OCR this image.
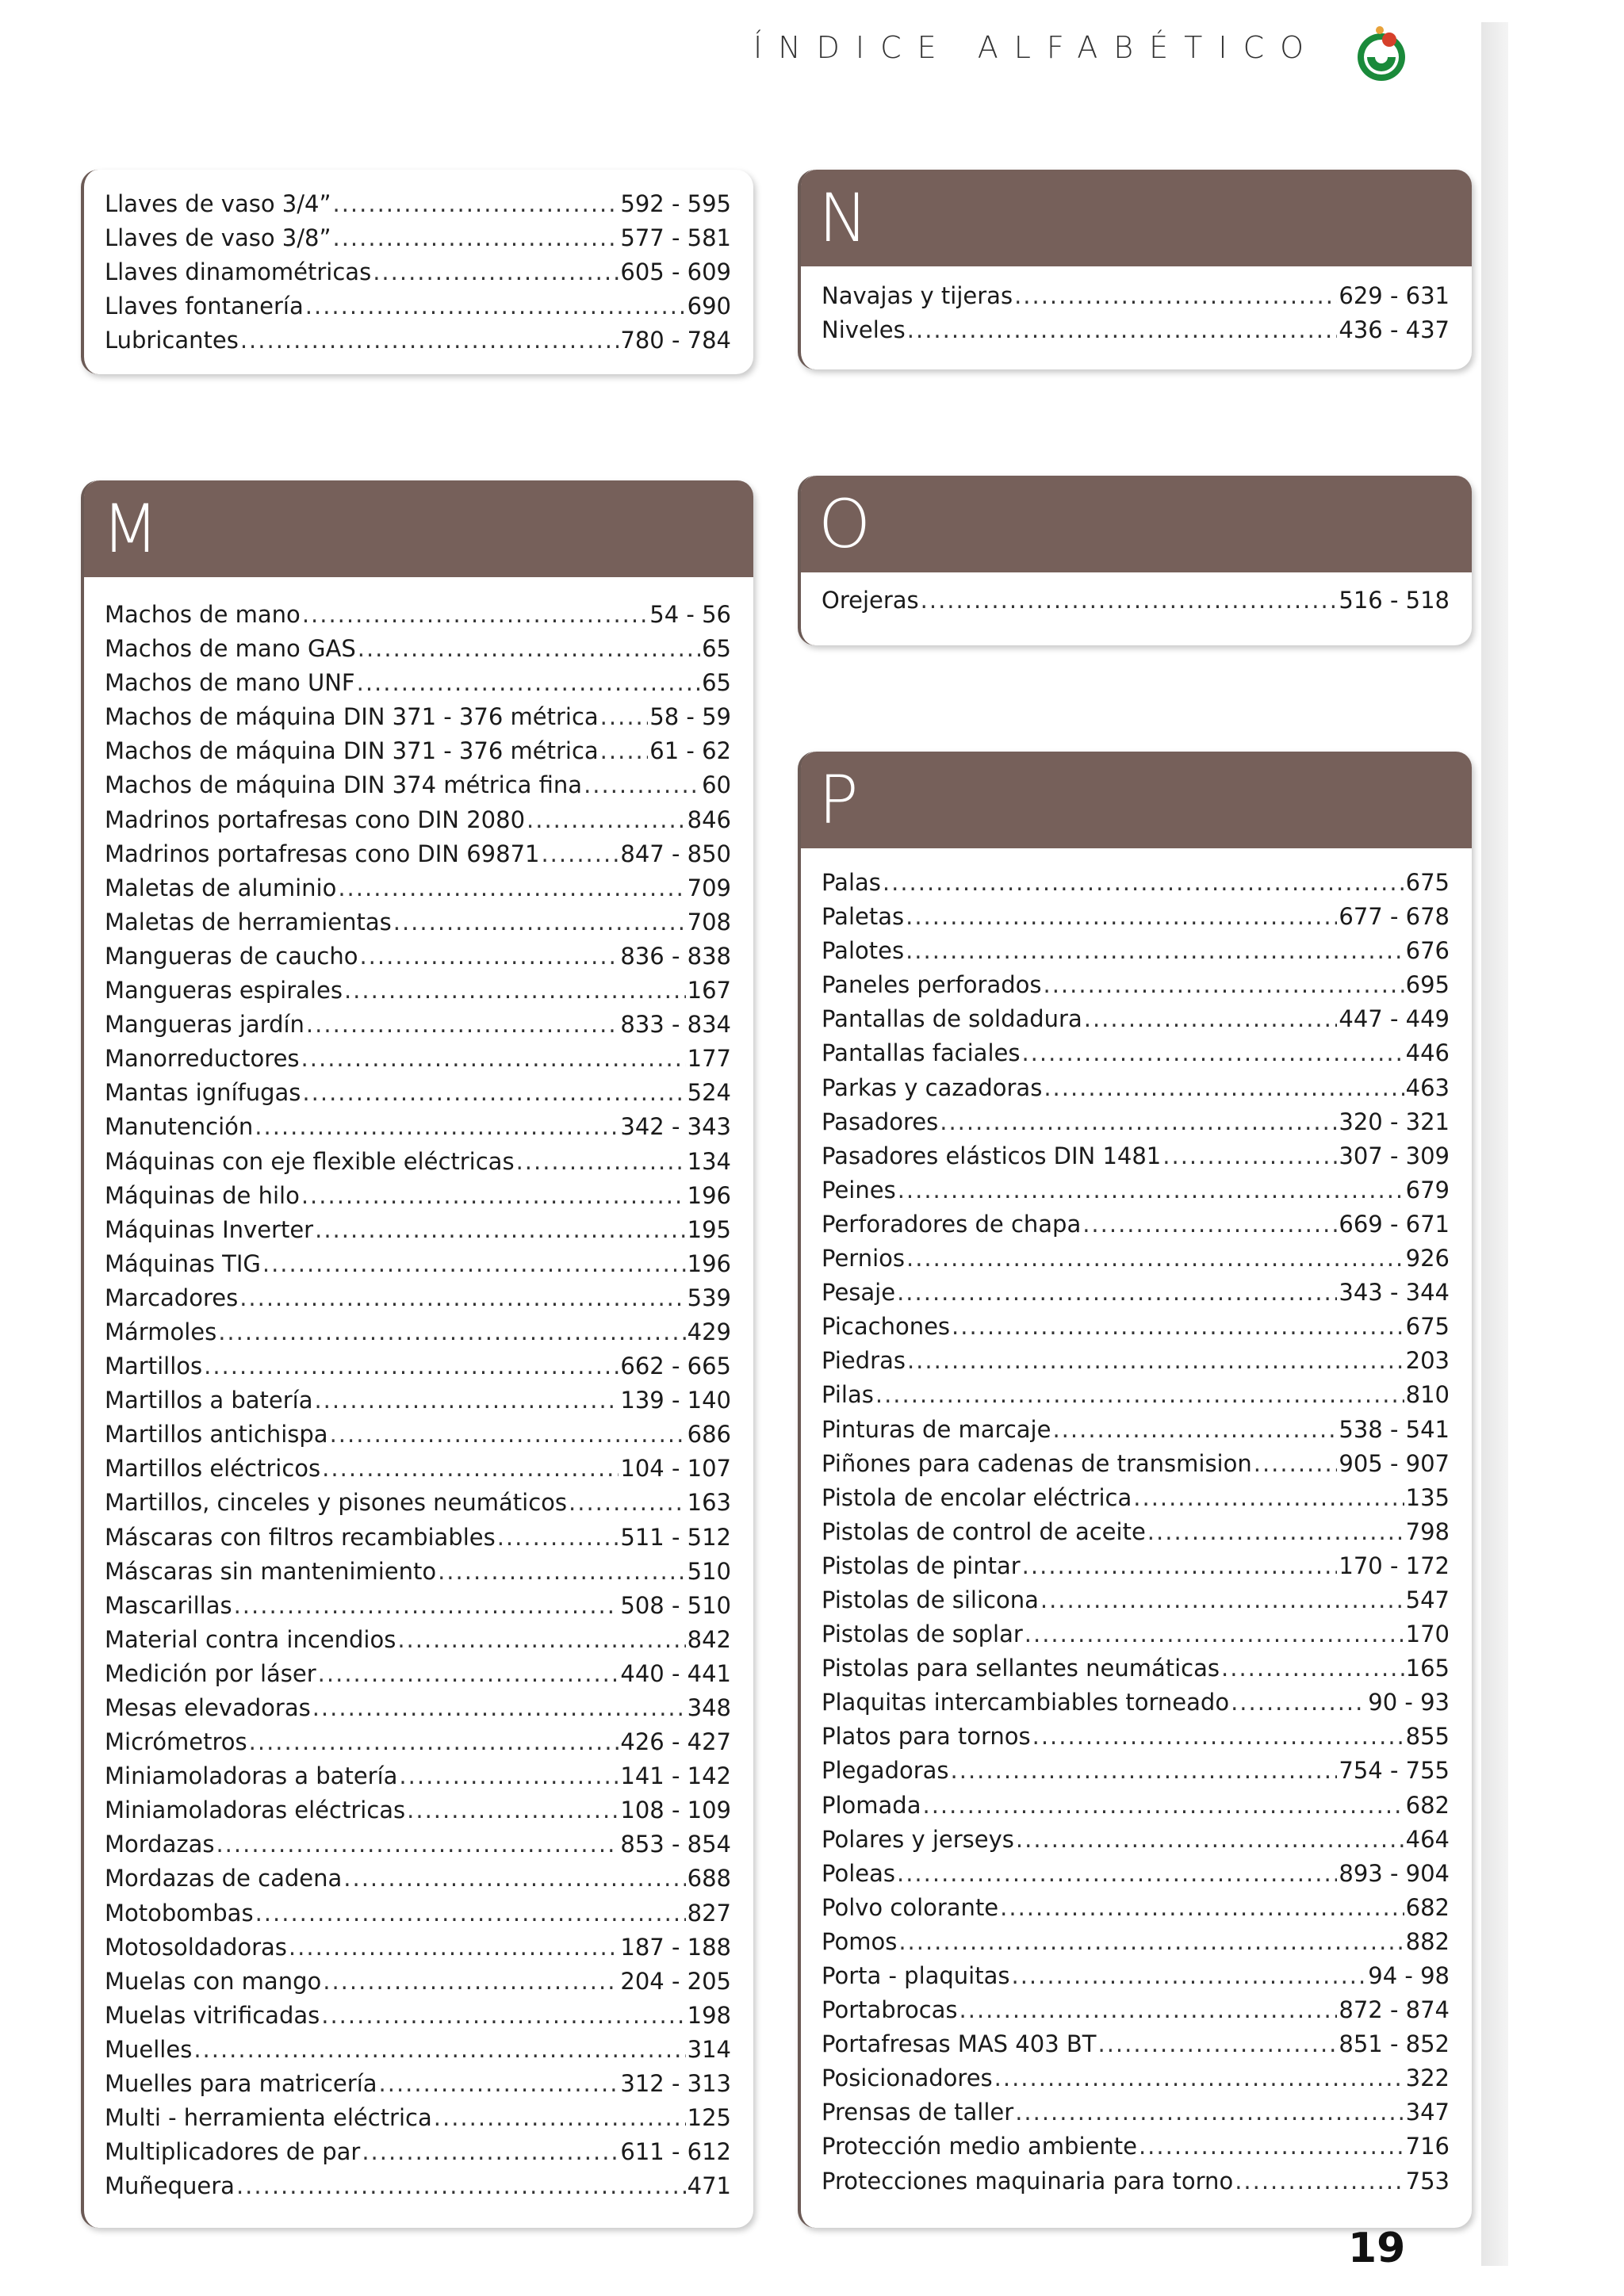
ÍNDICE ALFABÉTICO
Llaves de vaso 3/4” .....	592 - 595
Llaves de vaso 3/8” .....	577 - 581
Llaves dinamométricas .....	605 - 609
Llaves fontanería .....	690
Lubricantes .....	780 - 784
M
Machos de mano .....	54 - 56
Machos de mano GAS .....	65
Machos de mano UNF .....	65
Machos de máquina DIN 371 - 376 métrica ..... 58 - 59
Machos de máquina DIN 371 - 376 métrica ..... 61 - 62
Machos de máquina DIN 374 métrica fina .....	60
Madrinos portafresas cono DIN 2080 .....	846
Madrinos portafresas cono DIN 69871 .....	847 - 850
Maletas de aluminio .....	709
Maletas de herramientas .....	708
Mangueras de caucho .....	836 - 838
Mangueras espirales .....	167
Mangueras jardín .....	833 - 834
Manorreductores .....	177
Mantas ignífugas .....	524
Manutención .....	342 - 343
Máquinas con eje flexible eléctricas .....	134
Máquinas de hilo .....	196
Máquinas Inverter .....	195
Máquinas TIG .....	196
Marcadores .....	539
Mármoles .....	429
Martillos .....	662 - 665
Martillos a batería .....	139 - 140
Martillos antichispa .....	686
Martillos eléctricos .....	104 - 107
Martillos, cinceles y pisones neumáticos .....	163
Máscaras con filtros recambiables .....	511 - 512
Máscaras sin mantenimiento .....	510
Mascarillas .....	508 - 510
Material contra incendios .....	842
Medición por láser .....	440 - 441
Mesas elevadoras .....	348
Micrómetros .....	426 - 427
Miniamoladoras a batería .....	141 - 142
Miniamoladoras eléctricas .....	108 - 109
Mordazas .....	853 - 854
Mordazas de cadena .....	688
Motobombas .....	827
Motosoldadoras .....	187 - 188
Muelas con mango .....	204 - 205
Muelas vitrificadas .....	198
Muelles .....	314
Muelles para matricería .....	312 - 313
Multi - herramienta eléctrica .....	125
Multiplicadores de par .....	611 - 612
Muñequera .....	471
N
Navajas y tijeras .....	629 - 631
Niveles .....	436 - 437
O
Orejeras .....	516 - 518
P
Palas .....	675
Paletas .....	677 - 678
Palotes .....	676
Paneles perforados .....	695
Pantallas de soldadura .....	447 - 449
Pantallas faciales .....	446
Parkas y cazadoras .....	463
Pasadores .....	320 - 321
Pasadores elásticos DIN 1481 .....	307 - 309
Peines .....	679
Perforadores de chapa .....	669 - 671
Pernios .....	926
Pesaje .....	343 - 344
Picachones .....	675
Piedras .....	203
Pilas .....	810
Pinturas de marcaje .....	538 - 541
Piñones para cadenas de transmision .....	905 - 907
Pistola de encolar eléctrica .....	135
Pistolas de control de aceite .....	798
Pistolas de pintar .....	170 - 172
Pistolas de silicona .....	547
Pistolas de soplar .....	170
Pistolas para sellantes neumáticas .....	165
Plaquitas intercambiables torneado .....	90 - 93
Platos para tornos .....	855
Plegadoras .....	754 - 755
Plomada .....	682
Polares y jerseys .....	464
Poleas .....	893 - 904
Polvo colorante .....	682
Pomos .....	882
Porta - plaquitas .....	94 - 98
Portabrocas .....	872 - 874
Portafresas MAS 403 BT .....	851 - 852
Posicionadores .....	322
Prensas de taller .....	347
Protección medio ambiente .....	716
Protecciones maquinaria para torno .....	753
19
